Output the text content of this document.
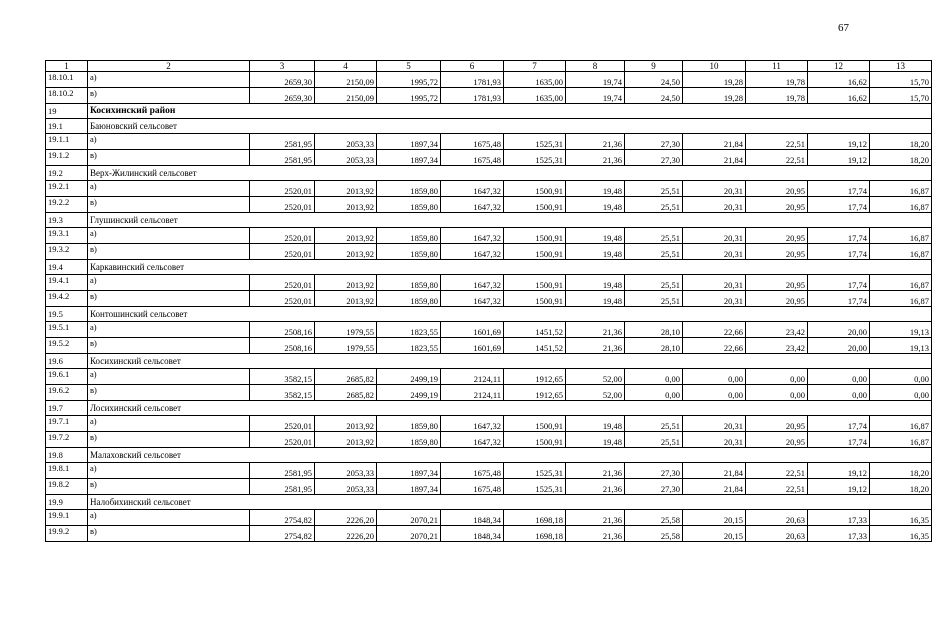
67
1	2	3	4	5	6	7	8	9	10	11	12	13
18.10.1	а)	2659,30	2150,09	1995,72	1781,93	1635,00	19,74	24,50	19,28	19,78	16,62	15,70
18.10.2	в)	2659,30	2150,09	1995,72	1781,93	1635,00	19,74	24,50	19,28	19,78	16,62	15,70
19	Косихинский район											
19.1	Баюновский сельсовет											
19.1.1	а)	2581,95	2053,33	1897,34	1675,48	1525,31	21,36	27,30	21,84	22,51	19,12	18,20
19.1.2	в)	2581,95	2053,33	1897,34	1675,48	1525,31	21,36	27,30	21,84	22,51	19,12	18,20
19.2	Верх-Жилинский сельсовет											
19.2.1	а)	2520,01	2013,92	1859,80	1647,32	1500,91	19,48	25,51	20,31	20,95	17,74	16,87
19.2.2	в)	2520,01	2013,92	1859,80	1647,32	1500,91	19,48	25,51	20,31	20,95	17,74	16,87
19.3	Глушинский сельсовет											
19.3.1	а)	2520,01	2013,92	1859,80	1647,32	1500,91	19,48	25,51	20,31	20,95	17,74	16,87
19.3.2	в)	2520,01	2013,92	1859,80	1647,32	1500,91	19,48	25,51	20,31	20,95	17,74	16,87
19.4	Каркавинский сельсовет											
19.4.1	а)	2520,01	2013,92	1859,80	1647,32	1500,91	19,48	25,51	20,31	20,95	17,74	16,87
19.4.2	в)	2520,01	2013,92	1859,80	1647,32	1500,91	19,48	25,51	20,31	20,95	17,74	16,87
19.5	Контошинский сельсовет											
19.5.1	а)	2508,16	1979,55	1823,55	1601,69	1451,52	21,36	28,10	22,66	23,42	20,00	19,13
19.5.2	в)	2508,16	1979,55	1823,55	1601,69	1451,52	21,36	28,10	22,66	23,42	20,00	19,13
19.6	Косихинский сельсовет											
19.6.1	а)	3582,15	2685,82	2499,19	2124,11	1912,65	52,00	0,00	0,00	0,00	0,00	0,00
19.6.2	в)	3582,15	2685,82	2499,19	2124,11	1912,65	52,00	0,00	0,00	0,00	0,00	0,00
19.7	Лосихинский сельсовет											
19.7.1	а)	2520,01	2013,92	1859,80	1647,32	1500,91	19,48	25,51	20,31	20,95	17,74	16,87
19.7.2	в)	2520,01	2013,92	1859,80	1647,32	1500,91	19,48	25,51	20,31	20,95	17,74	16,87
19.8	Малаховский сельсовет											
19.8.1	а)	2581,95	2053,33	1897,34	1675,48	1525,31	21,36	27,30	21,84	22,51	19,12	18,20
19.8.2	в)	2581,95	2053,33	1897,34	1675,48	1525,31	21,36	27,30	21,84	22,51	19,12	18,20
19.9	Налобихинский сельсовет											
19.9.1	а)	2754,82	2226,20	2070,21	1848,34	1698,18	21,36	25,58	20,15	20,63	17,33	16,35
19.9.2	в)	2754,82	2226,20	2070,21	1848,34	1698,18	21,36	25,58	20,15	20,63	17,33	16,35
